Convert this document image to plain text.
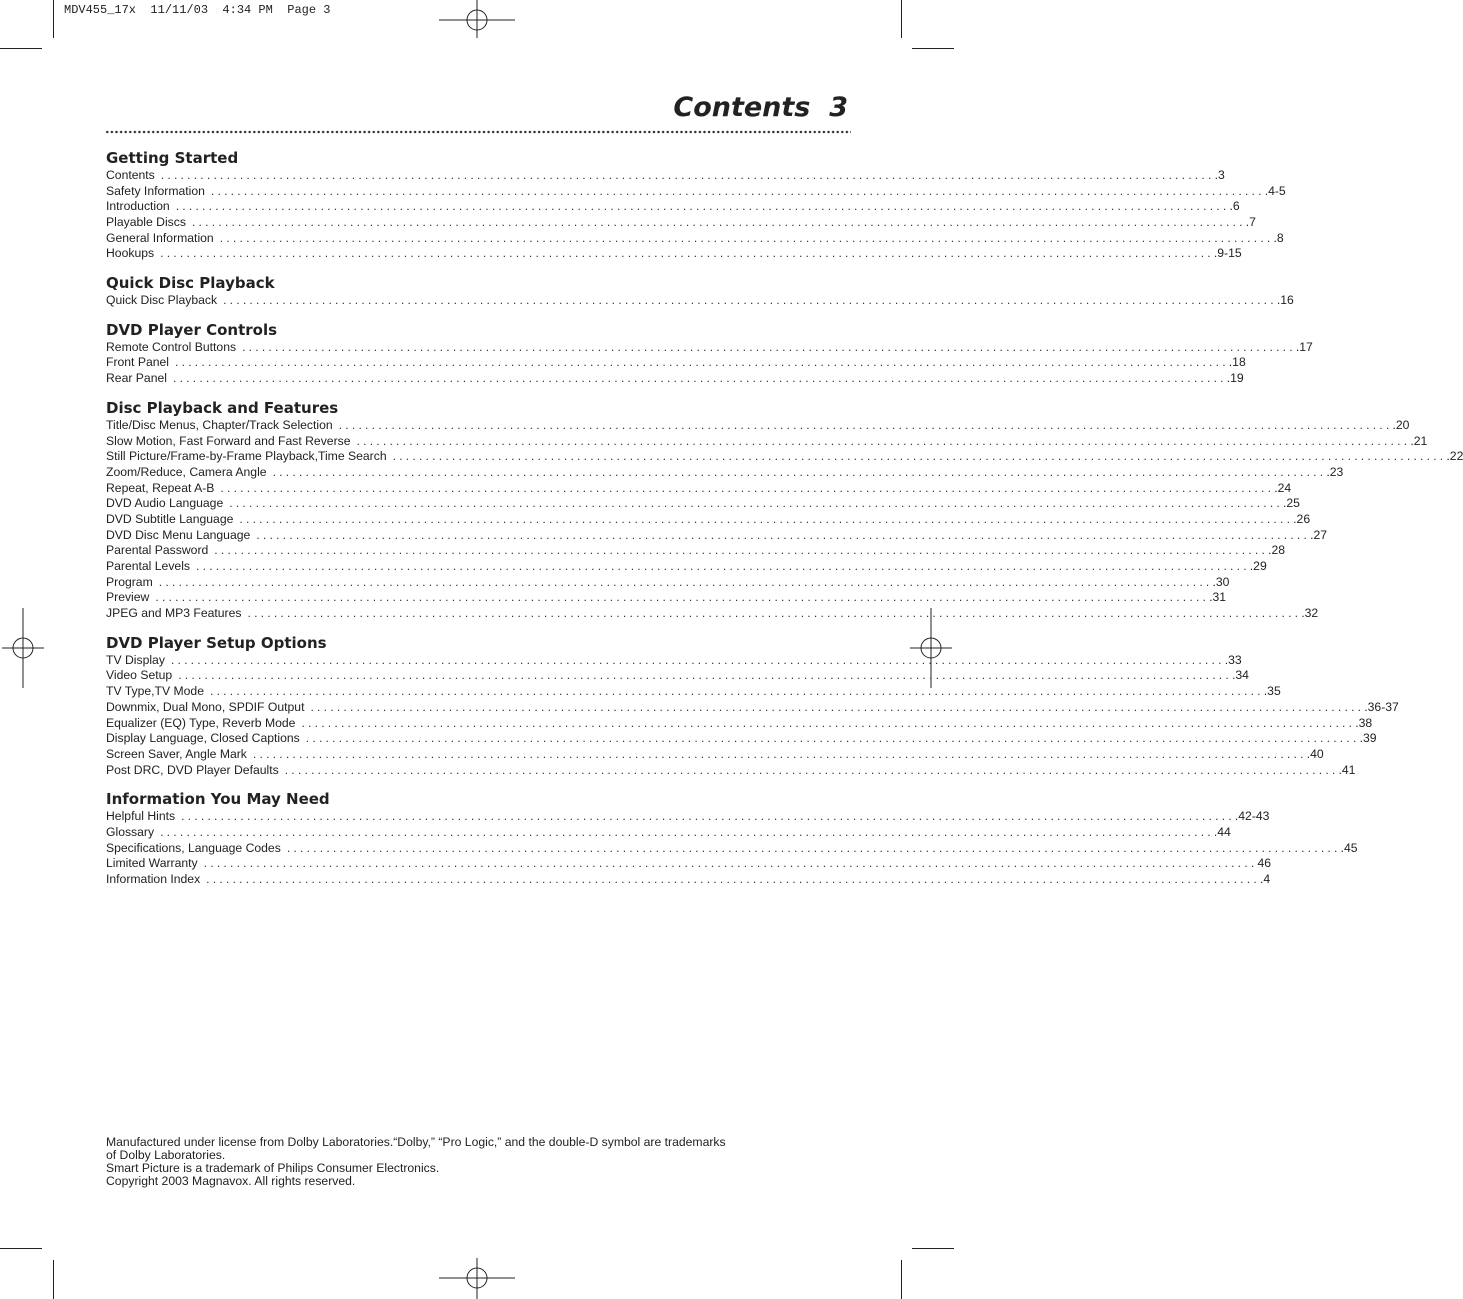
MDV455_17x  11/11/03  4:34 PM  Page 3
Contents 3
Getting Started
Contents ................................................................................................................................................................ .3
Safety Information ................................................................................................................................................................ .4-5
Introduction ................................................................................................................................................................ .6
Playable Discs ................................................................................................................................................................ .7
General Information ................................................................................................................................................................ .8
Hookups ................................................................................................................................................................ .9-15
Quick Disc Playback
Quick Disc Playback ................................................................................................................................................................ .16
DVD Player Controls
Remote Control Buttons ................................................................................................................................................................ .17
Front Panel ................................................................................................................................................................ .18
Rear Panel ................................................................................................................................................................ .19
Disc Playback and Features
Title/Disc Menus, Chapter/Track Selection ................................................................................................................................................................ .20
Slow Motion, Fast Forward and Fast Reverse ................................................................................................................................................................ .21
Still Picture/Frame-by-Frame Playback,Time Search ................................................................................................................................................................ .22
Zoom/Reduce, Camera Angle ................................................................................................................................................................ .23
Repeat, Repeat A-B ................................................................................................................................................................ .24
DVD Audio Language ................................................................................................................................................................ .25
DVD Subtitle Language ................................................................................................................................................................ .26
DVD Disc Menu Language ................................................................................................................................................................ .27
Parental Password ................................................................................................................................................................ .28
Parental Levels ................................................................................................................................................................ .29
Program ................................................................................................................................................................ .30
Preview ................................................................................................................................................................ .31
JPEG and MP3 Features ................................................................................................................................................................ .32
DVD Player Setup Options
TV Display ................................................................................................................................................................ .33
Video Setup ................................................................................................................................................................ .34
TV Type,TV Mode ................................................................................................................................................................ .35
Downmix, Dual Mono, SPDIF Output ................................................................................................................................................................ .36-37
Equalizer (EQ) Type, Reverb Mode ................................................................................................................................................................ .38
Display Language, Closed Captions ................................................................................................................................................................ .39
Screen Saver, Angle Mark ................................................................................................................................................................ .40
Post DRC, DVD Player Defaults ................................................................................................................................................................ .41
Information You May Need
Helpful Hints ................................................................................................................................................................ .42-43
Glossary ................................................................................................................................................................ .44
Specifications, Language Codes ................................................................................................................................................................ .45
Limited Warranty ................................................................................................................................................................ 46
Information Index ................................................................................................................................................................ .4

Manufactured under license from Dolby Laboratories.“Dolby,” “Pro Logic,” and the double-D symbol are trademarks of Dolby Laboratories.

Smart Picture is a trademark of Philips Consumer Electronics.

Copyright 2003 Magnavox. All rights reserved.
